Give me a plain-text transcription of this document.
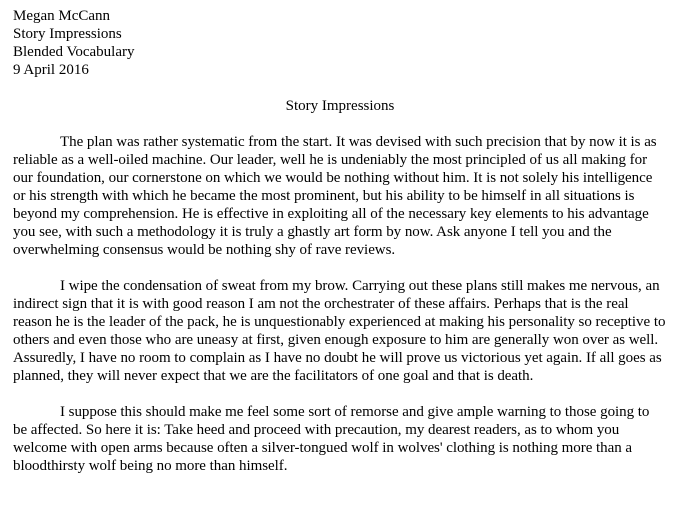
Megan McCann
Story Impressions
Blended Vocabulary
9 April 2016
Story Impressions

The plan was rather systematic from the start. It was devised with such precision that by now it is as reliable as a well-oiled machine. Our leader, well he is undeniably the most principled of us all making for our foundation, our cornerstone on which we would be nothing without him. It is not solely his intelligence or his strength with which he became the most prominent, but his ability to be himself in all situations is beyond my comprehension. He is effective in exploiting all of the necessary key elements to his advantage you see, with such a methodology it is truly a ghastly art form by now. Ask anyone I tell you and the overwhelming consensus would be nothing shy of rave reviews.

I wipe the condensation of sweat from my brow. Carrying out these plans still makes me nervous, an indirect sign that it is with good reason I am not the orchestrater of these affairs. Perhaps that is the real reason he is the leader of the pack, he is unquestionably experienced at making his personality so receptive to others and even those who are uneasy at first, given enough exposure to him are generally won over as well. Assuredly, I have no room to complain as I have no doubt he will prove us victorious yet again. If all goes as planned, they will never expect that we are the facilitators of one goal and that is death.

I suppose this should make me feel some sort of remorse and give ample warning to those going to be affected. So here it is: Take heed and proceed with precaution, my dearest readers, as to whom you welcome with open arms because often a silver-tongued wolf in wolves' clothing is nothing more than a bloodthirsty wolf being no more than himself.
